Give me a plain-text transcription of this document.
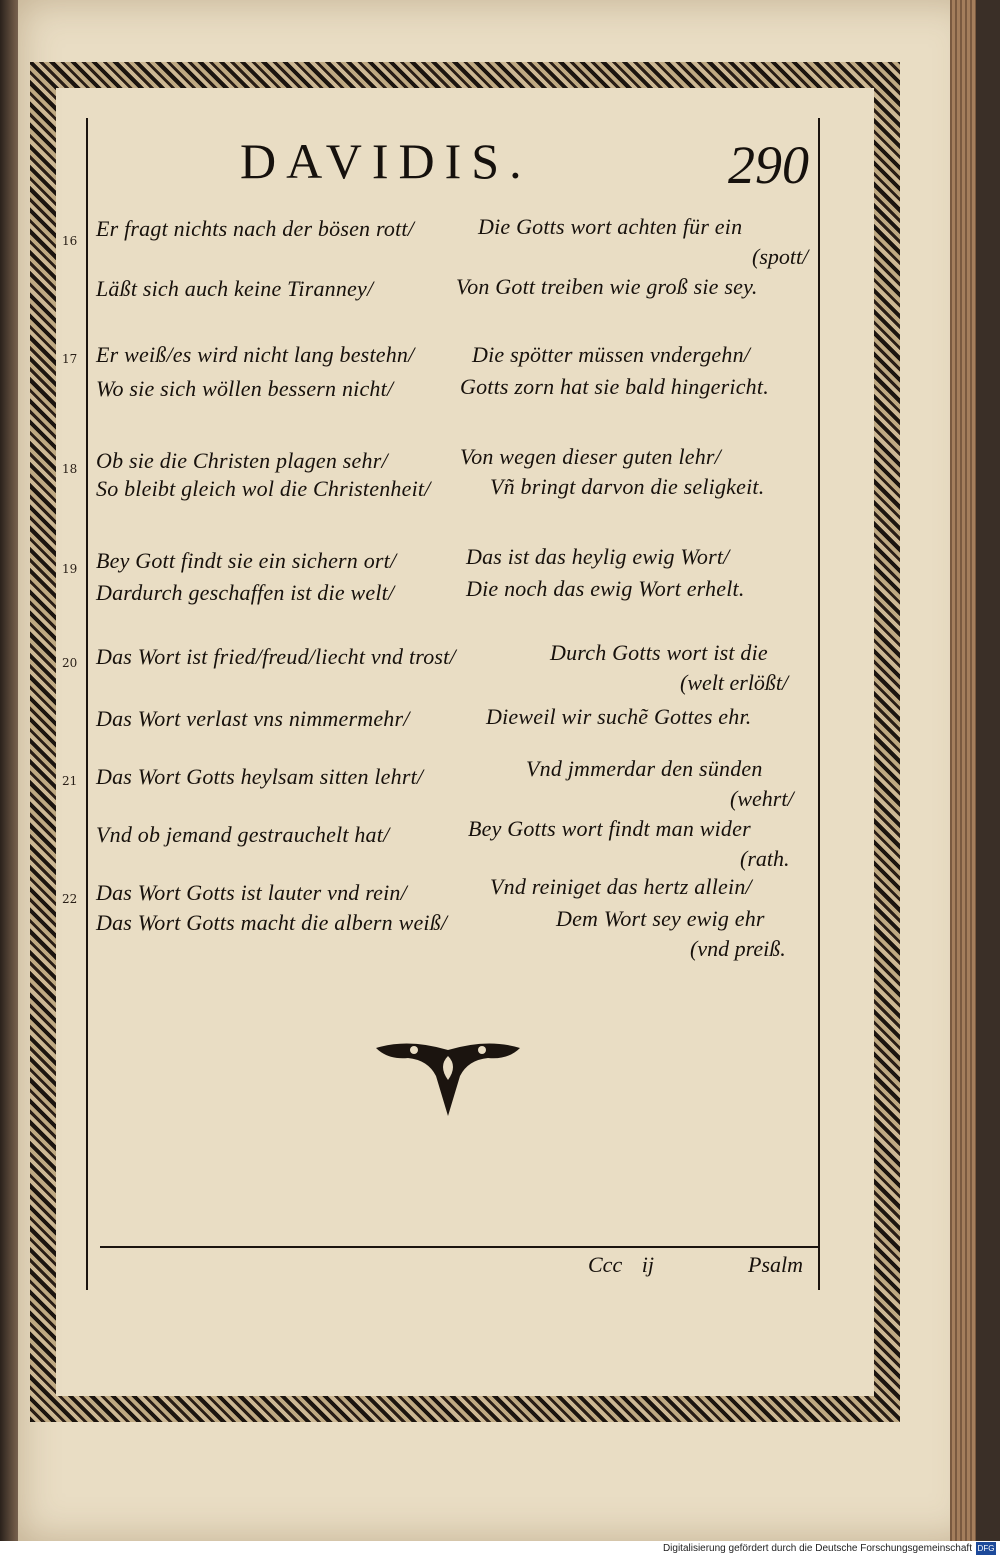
DAVIDIS.	290
16 Er fragt nichts nach der bösen rott/	Die Gotts wort achten für ein
(spott/
Läßt sich auch keine Tiranney/	Von Gott treiben wie groß sie sey.
17 Er weiß/es wird nicht lang bestehn/	Die spötter müssen vndergehn/
Wo sie sich wöllen bessern nicht/	Gotts zorn hat sie bald hingericht.
18 Ob sie die Christen plagen sehr/	Von wegen dieser guten lehr/
So bleibt gleich wol die Christenheit/	Vñ bringt darvon die seligkeit.
19 Bey Gott findt sie ein sichern ort/	Das ist das heylig ewig Wort/
Dardurch geschaffen ist die welt/	Die noch das ewig Wort erhelt.
20 Das Wort ist fried/freud/liecht vnd trost/	Durch Gotts wort ist die
(welt erlößt/
Das Wort verlast vns nimmermehr/	Dieweil wir suchẽ Gottes ehr.
21 Das Wort Gotts heylsam sitten lehrt/	Vnd jmmerdar den sünden
(wehrt/
Vnd ob jemand gestrauchelt hat/	Bey Gotts wort findt man wider
(rath.
22 Das Wort Gotts ist lauter vnd rein/	Vnd reiniget das hertz allein/
Das Wort Gotts macht die albern weiß/	Dem Wort sey ewig ehr
(vnd preiß.
Ccc ij	Psalm
Digitalisierung gefördert durch die Deutsche Forschungsgemeinschaft DFG
